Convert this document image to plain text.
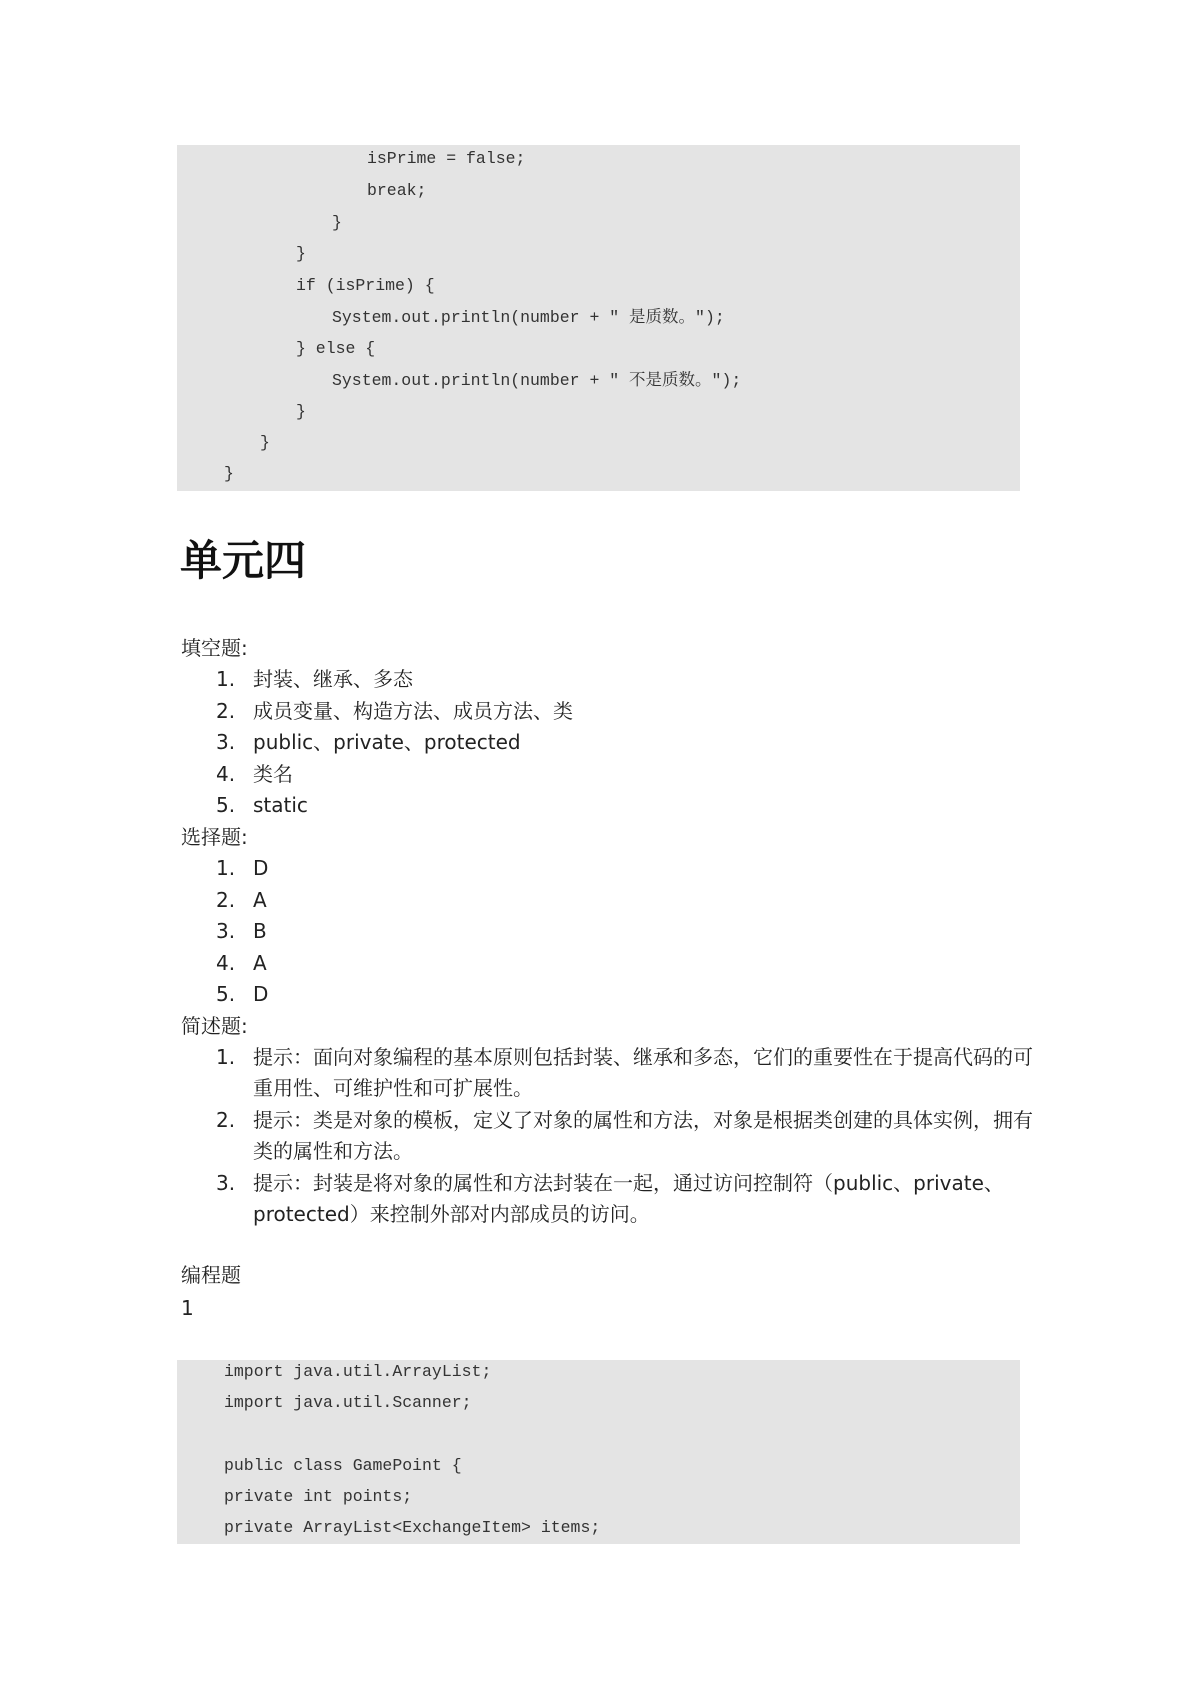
isPrime = false;
break;
}
}
if (isPrime) {
System.out.println(number + " 是质数。");
} else {
System.out.println(number + " 不是质数。");
}
}
}
单元四
填空题:
1. 封装、继承、多态
2. 成员变量、构造方法、成员方法、类
3. public、private、protected
4. 类名
5. static
选择题:
1. D
2. A
3. B
4. A
5. D
简述题:
1. 提示：面向对象编程的基本原则包括封装、继承和多态，它们的重要性在于提高代码的可重用性、可维护性和可扩展性。
2. 提示：类是对象的模板，定义了对象的属性和方法，对象是根据类创建的具体实例，拥有类的属性和方法。
3. 提示：封装是将对象的属性和方法封装在一起，通过访问控制符（public、private、protected）来控制外部对内部成员的访问。
编程题
1
import java.util.ArrayList;
import java.util.Scanner;
public class GamePoint {
private int points;
private ArrayList<ExchangeItem> items;
